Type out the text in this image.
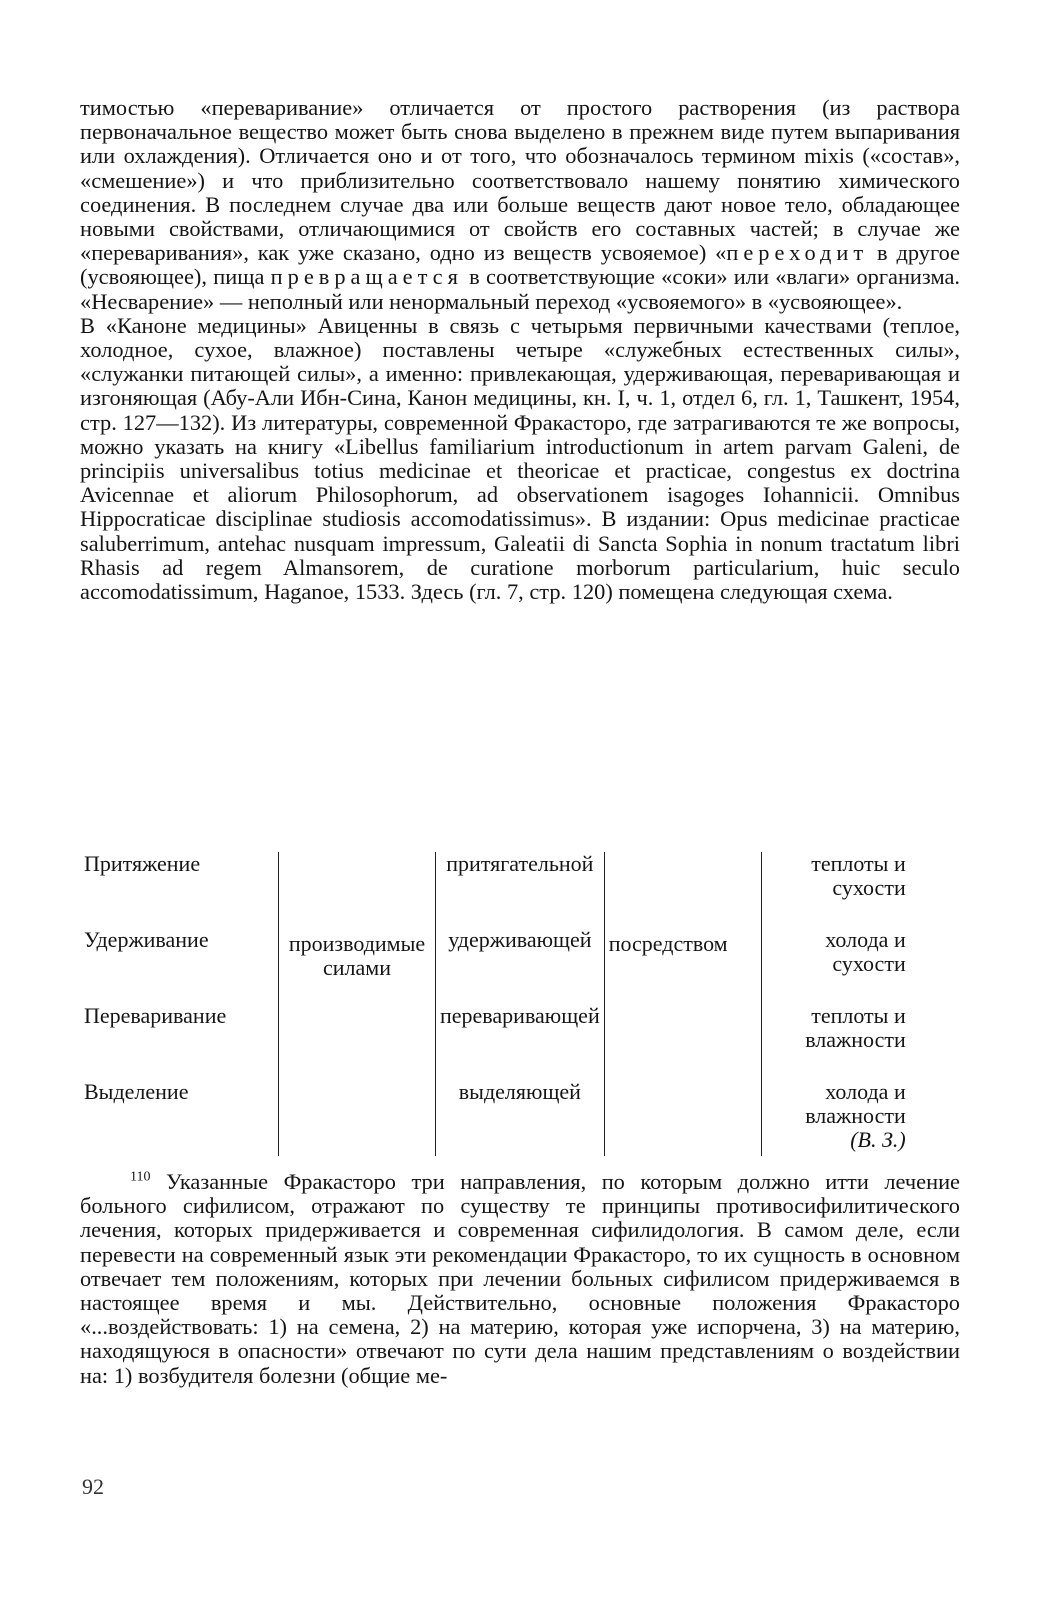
тимостью «переваривание» отличается от простого растворения (из раствора первоначальное вещество может быть снова выделено в прежнем виде путем выпаривания или охлаждения). Отличается оно и от того, что обозначалось термином mixis («состав», «смешение») и что приблизительно соответствовало нашему понятию химического соединения. В последнем случае два или больше веществ дают новое тело, обладающее новыми свойствами, отличающимися от свойств его составных частей; в случае же «переваривания», как уже сказано, одно из веществ усвояемое) «переходит в другое (усвояющее), пища превращается в соответствующие «соки» или «влаги» организма. «Несварение» — неполный или ненормальный переход «усвояемого» в «усвояющее».

В «Каноне медицины» Авиценны в связь с четырьмя первичными качествами (теплое, холодное, сухое, влажное) поставлены четыре «служебных естественных силы», «служанки питающей силы», а именно: привлекающая, удерживающая, переваривающая и изгоняющая (Абу-Али Ибн-Сина, Канон медицины, кн. I, ч. 1, отдел 6, гл. 1, Ташкент, 1954, стр. 127—132). Из литературы, современной Фракасторо, где затрагиваются те же вопросы, можно указать на книгу «Libellus familiarium introductionum in artem parvam Galeni, de principiis universalibus totius medicinae et theoricae et practicae, congestus ex doctrina Avicennae et aliorum Philosophorum, ad observationem isagoges Iohannicii. Omnibus Hippocraticae disciplinae studiosis accomodatissimus». В издании: Opus medicinae practicae saluberrimum, antehac nusquam impressum, Galeatii di Sancta Sophia in nonum tractatum libri Rhasis ad regem Almansorem, de curatione morborum particularium, huic seculo accomodatissimum, Haganoe, 1533. Здесь (гл. 7, стр. 120) помещена следующая схема.

Притяжение	производимые силами	притягательной	посредством	теплоты и сухости
Удерживание		удерживающей		холода и сухости
Переваривание		переваривающей		теплоты и влажности
Выделение		выделяющей		холода и влажности
(В. З.)

$^{110}$ Указанные Фракасторо три направления, по которым должно итти лечение больного сифилисом, отражают по существу те принципы противосифилитического лечения, которых придерживается и современная сифилидология. В самом деле, если перевести на современный язык эти рекомендации Фракасторо, то их сущность в основном отвечает тем положениям, которых при лечении больных сифилисом придерживаемся в настоящее время и мы. Действительно, основные положения Фракасторо «...воздействовать: 1) на семена, 2) на материю, которая уже испорчена, 3) на материю, находящуюся в опасности» отвечают по сути дела нашим представлениям о воздействии на: 1) возбудителя болезни (общие ме-

92
